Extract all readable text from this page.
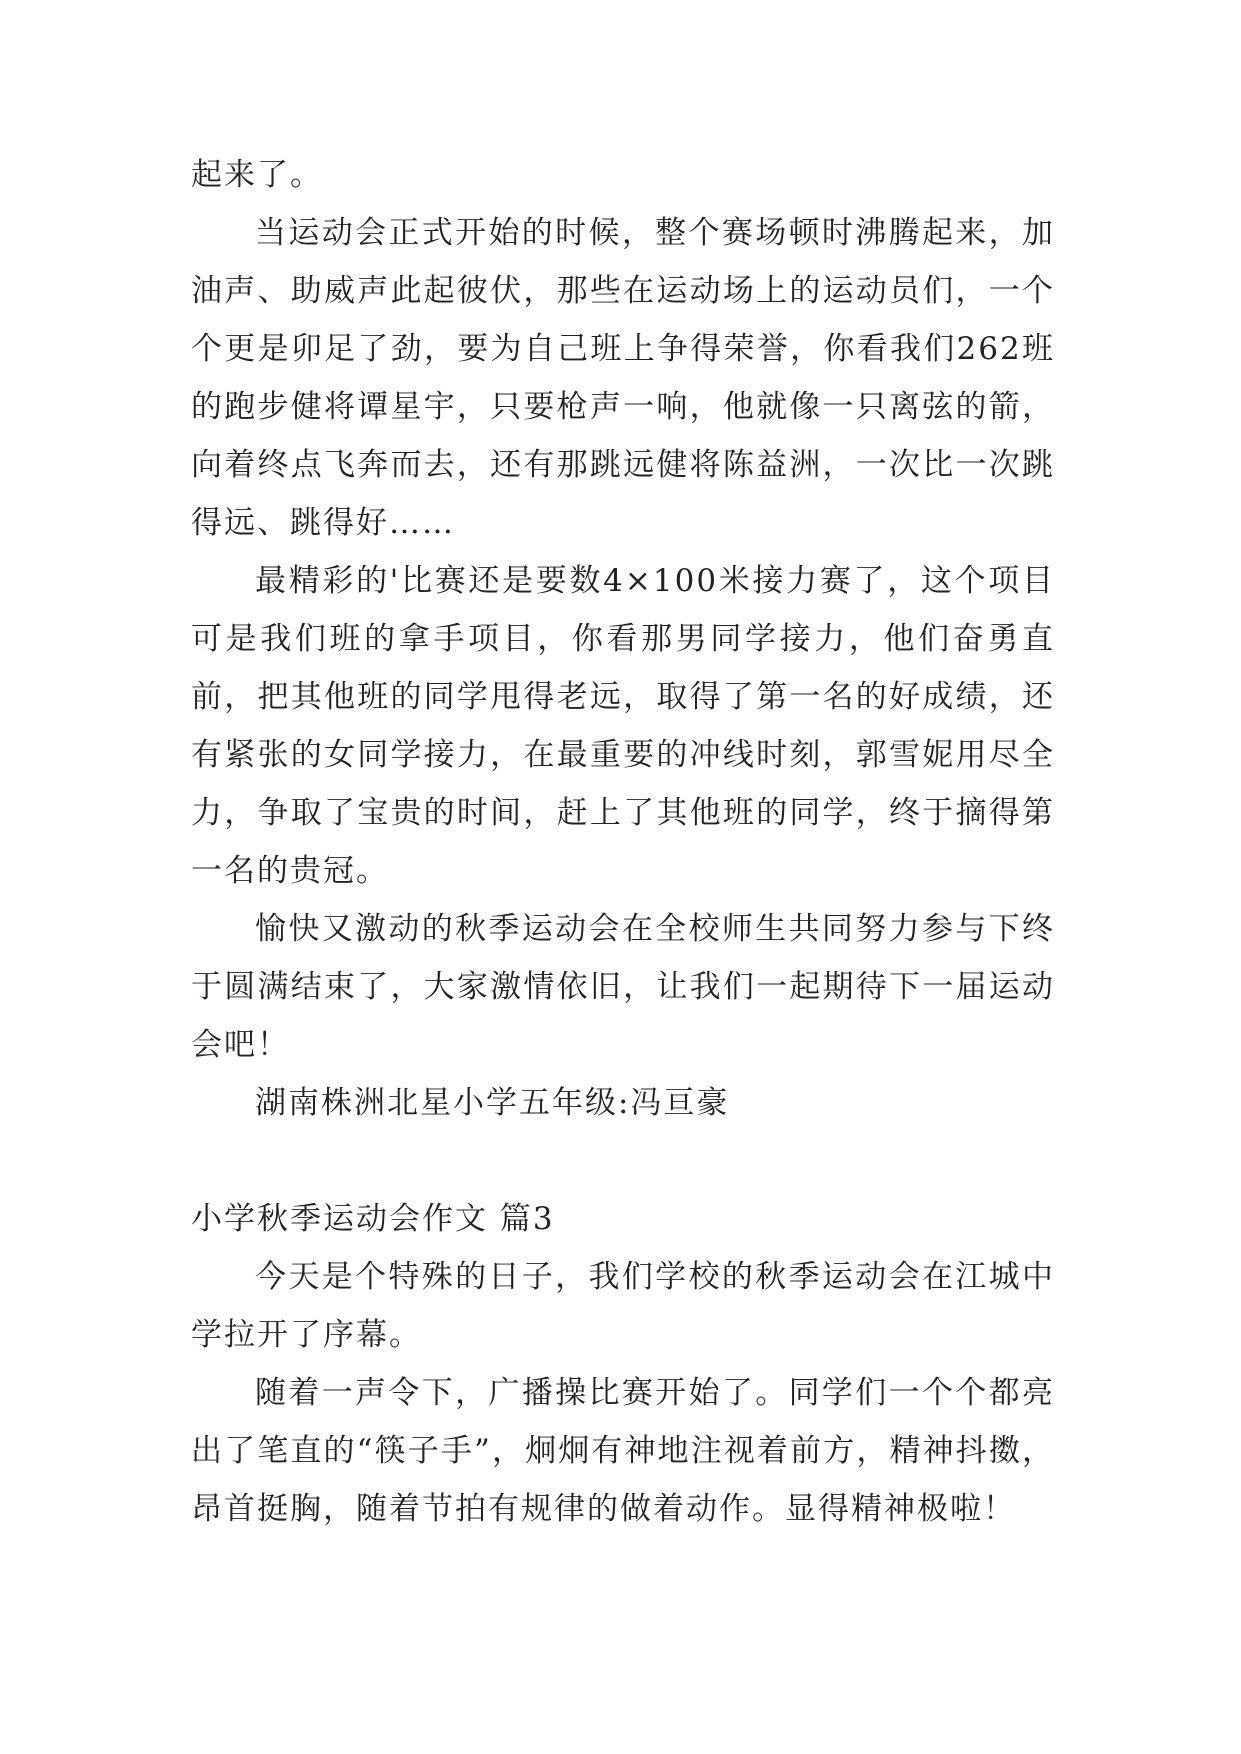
起来了。

当运动会正式开始的时候，整个赛场顿时沸腾起来，加油声、助威声此起彼伏，那些在运动场上的运动员们，一个个更是卯足了劲，要为自己班上争得荣誉，你看我们262班的跑步健将谭星宇，只要枪声一响，他就像一只离弦的箭，向着终点飞奔而去，还有那跳远健将陈益洲，一次比一次跳得远、跳得好……

最精彩的'比赛还是要数4×100米接力赛了，这个项目可是我们班的拿手项目，你看那男同学接力，他们奋勇直前，把其他班的同学甩得老远，取得了第一名的好成绩，还有紧张的女同学接力，在最重要的冲线时刻，郭雪妮用尽全力，争取了宝贵的时间，赶上了其他班的同学，终于摘得第一名的贵冠。

愉快又激动的秋季运动会在全校师生共同努力参与下终于圆满结束了，大家激情依旧，让我们一起期待下一届运动会吧！

湖南株洲北星小学五年级:冯亘豪

小学秋季运动会作文 篇3

今天是个特殊的日子，我们学校的秋季运动会在江城中学拉开了序幕。

随着一声令下，广播操比赛开始了。同学们一个个都亮出了笔直的“筷子手”，炯炯有神地注视着前方，精神抖擞，昂首挺胸，随着节拍有规律的做着动作。显得精神极啦！
